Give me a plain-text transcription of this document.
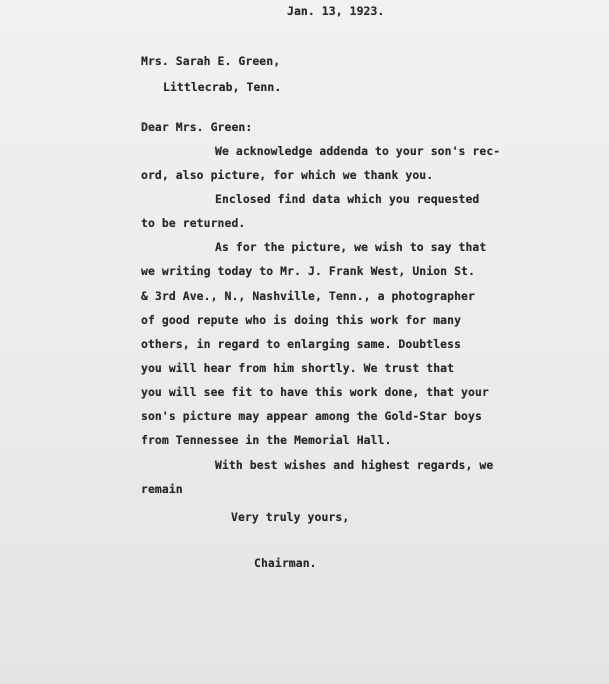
Jan. 13, 1923.
Mrs. Sarah E. Green,
Littlecrab, Tenn.
Dear Mrs. Green:
We acknowledge addenda to your son's rec-
ord, also picture, for which we thank you.
Enclosed find data which you requested
to be returned.
As for the picture, we wish to say that
we writing today to Mr. J. Frank West, Union St.
& 3rd Ave., N., Nashville, Tenn., a photographer
of good repute who is doing this work for many
others, in regard to enlarging same. Doubtless
you will hear from him shortly. We trust that
you will see fit to have this work done, that your
son's picture may appear among the Gold-Star boys
from Tennessee in the Memorial Hall.
With best wishes and highest regards, we
remain
Very truly yours,
Chairman.
